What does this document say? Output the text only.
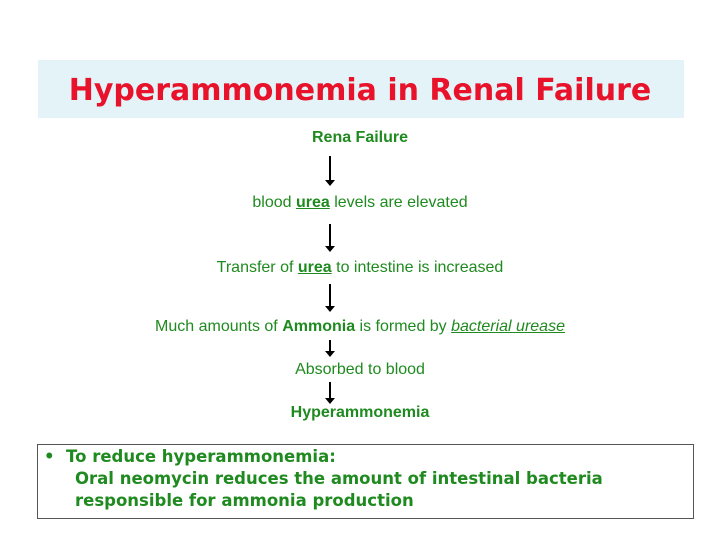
Hyperammonemia in Renal Failure
Rena Failure
blood urea levels are elevated
Transfer of urea to intestine is increased
Much amounts of Ammonia is formed by bacterial urease
Absorbed to blood
Hyperammonemia
• To reduce hyperammonemia:
Oral neomycin reduces the amount of intestinal bacteria
responsible for ammonia production
